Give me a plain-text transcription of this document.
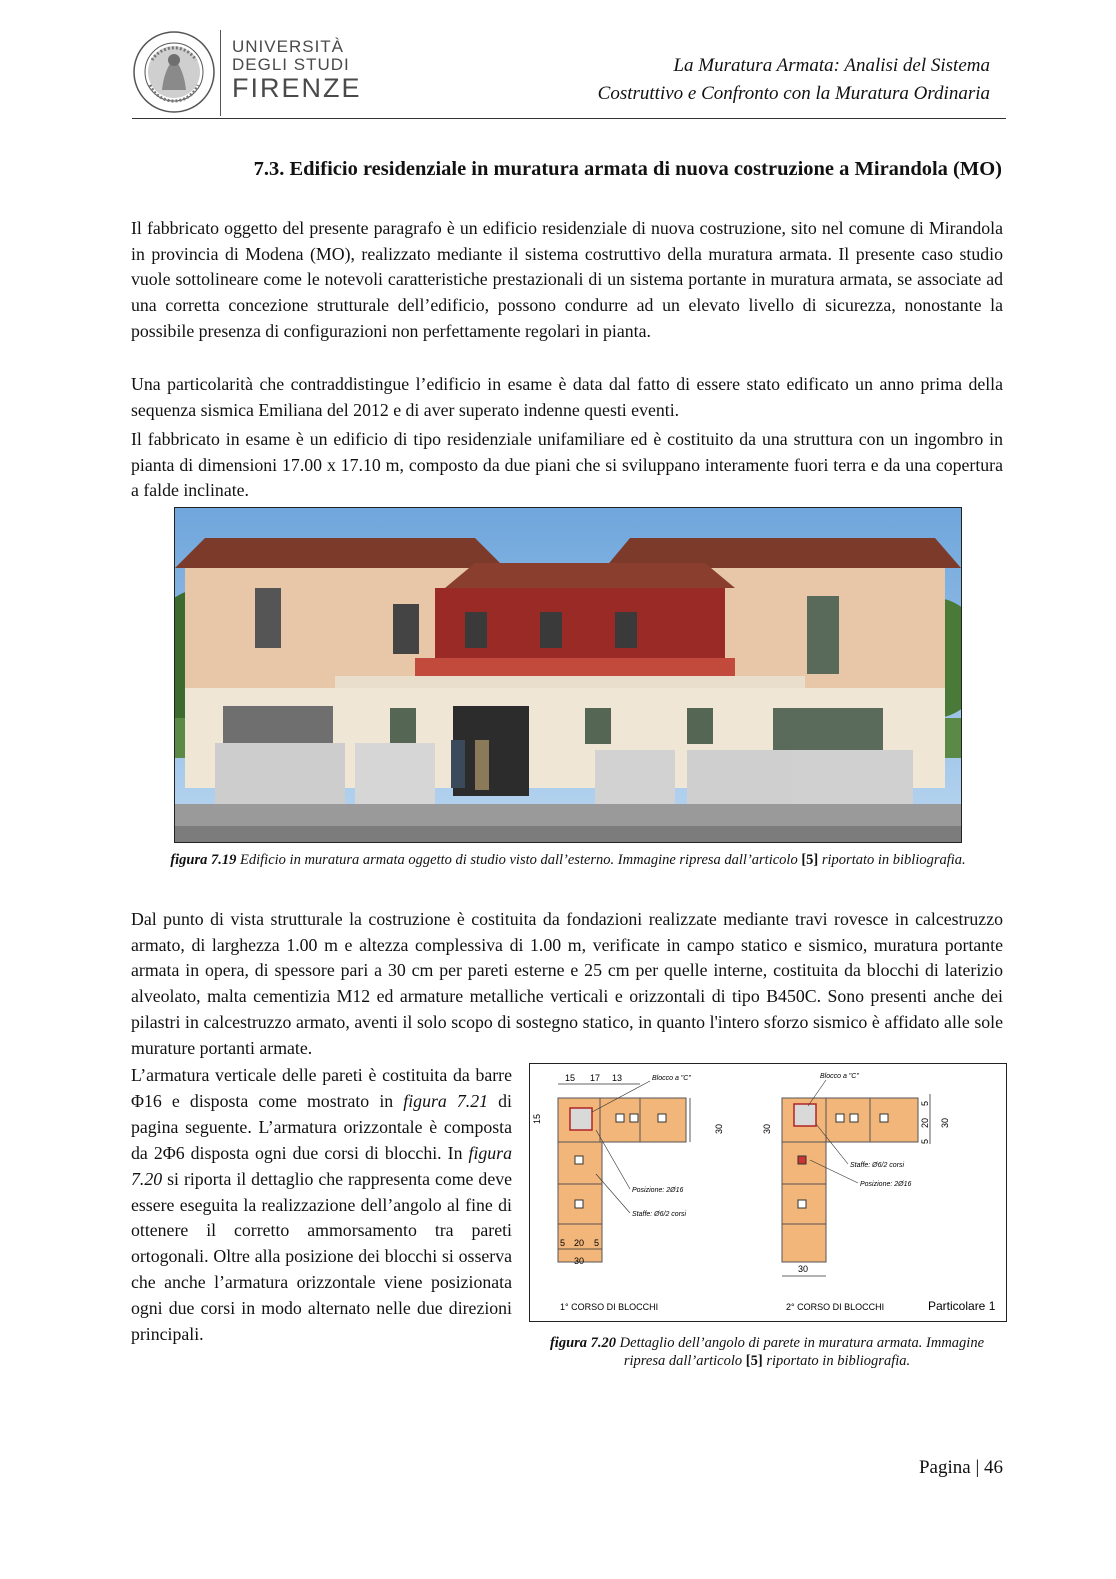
UNIVERSITÀ
DEGLI STUDI
FIRENZE
La Muratura Armata: Analisi del Sistema
Costruttivo e Confronto con la Muratura Ordinaria
7.3. Edificio residenziale in muratura armata di nuova costruzione a Mirandola (MO)
Il fabbricato oggetto del presente paragrafo è un edificio residenziale di nuova costruzione, sito nel comune di Mirandola in provincia di Modena (MO), realizzato mediante il sistema costruttivo della muratura armata. Il presente caso studio vuole sottolineare come le notevoli caratteristiche prestazionali di un sistema portante in muratura armata, se associate ad una corretta concezione strutturale dell’edificio, possono condurre ad un elevato livello di sicurezza, nonostante la possibile presenza di configurazioni non perfettamente regolari in pianta.
Una particolarità che contraddistingue l’edificio in esame è data dal fatto di essere stato edificato un anno prima della sequenza sismica Emiliana del 2012 e di aver superato indenne questi eventi.
Il fabbricato in esame è un edificio di tipo residenziale unifamiliare ed è costituito da una struttura con un ingombro in pianta di dimensioni 17.00 x 17.10 m, composto da due piani che si sviluppano interamente fuori terra e da una copertura a falde inclinate.
figura 7.19 Edificio in muratura armata oggetto di studio visto dall’esterno. Immagine ripresa dall’articolo [5] riportato in bibliografia.
Dal punto di vista strutturale la costruzione è costituita da fondazioni realizzate mediante travi rovesce in calcestruzzo armato, di larghezza 1.00 m e altezza complessiva di 1.00 m, verificate in campo statico e sismico, muratura portante armata in opera, di spessore pari a 30 cm per pareti esterne e 25 cm per quelle interne, costituita da blocchi di laterizio alveolato, malta cementizia M12 ed armature metalliche verticali e orizzontali di tipo B450C. Sono presenti anche dei pilastri in calcestruzzo armato, aventi il solo scopo di sostegno statico, in quanto l'intero sforzo sismico è affidato alle sole murature portanti armate.
L’armatura verticale delle pareti è costituita da barre Φ16 e disposta come mostrato in figura 7.21 di pagina seguente. L’armatura orizzontale è composta da 2Φ6 disposta ogni due corsi di blocchi. In figura 7.20 si riporta il dettaglio che rappresenta come deve essere eseguita la realizzazione dell’angolo al fine di ottenere il corretto ammorsamento tra pareti ortogonali. Oltre alla posizione dei blocchi si osserva che anche l’armatura orizzontale viene posizionata ogni due corsi in modo alternato nelle due direzioni principali.
15 17 13	Blocco a "C"
15
30
Posizione: 2Ø16
Staffe: Ø6/2 corsi
5 20 5
30
1° CORSO DI BLOCCHI
Blocco a "C"
30
5
20
5
30
Staffe: Ø6/2 corsi
Posizione: 2Ø16
30
2° CORSO DI BLOCCHI	Particolare 1
figura 7.20 Dettaglio dell’angolo di parete in muratura armata. Immagine ripresa dall’articolo [5] riportato in bibliografia.
Pagina | 46
